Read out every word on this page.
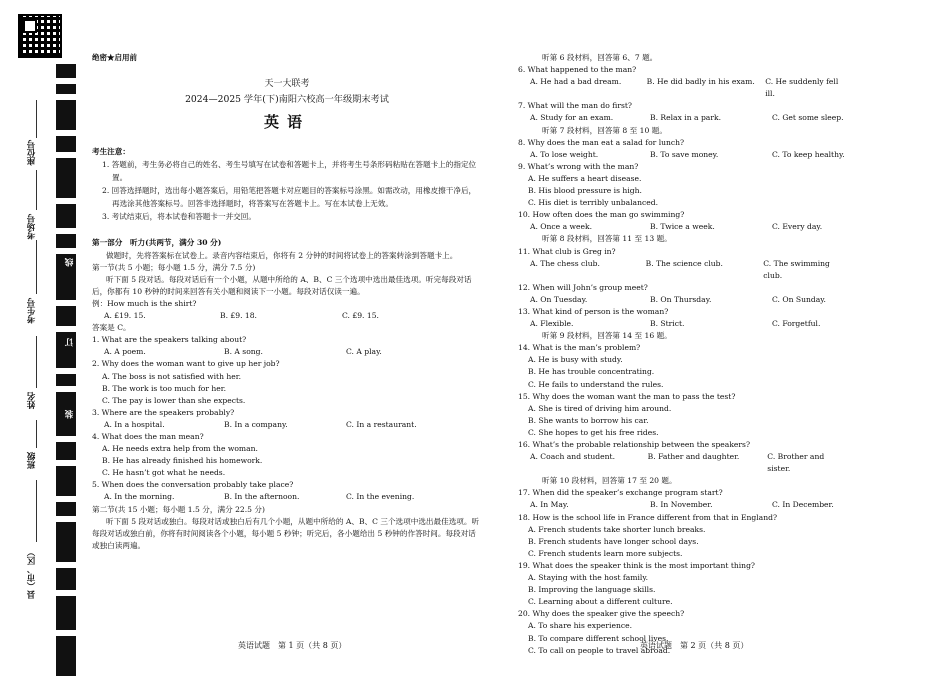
座位号
考场号
考生号
姓名
班级
县（市、区）
线
订
装
绝密★启用前
天一大联考
2024—2025 学年(下)南阳六校高一年级期末考试
英语
考生注意：
1. 答题前，考生务必将自己的姓名、考生号填写在试卷和答题卡上，并将考生号条形码粘贴在答题卡上的指定位置。
2. 回答选择题时，选出每小题答案后，用铅笔把答题卡对应题目的答案标号涂黑。如需改动，用橡皮擦干净后，再选涂其他答案标号。回答非选择题时，将答案写在答题卡上。写在本试卷上无效。
3. 考试结束后，将本试卷和答题卡一并交回。
第一部分　听力(共两节，满分 30 分)
做题时，先将答案标在试卷上。录音内容结束后，你将有 2 分钟的时间将试卷上的答案转涂到答题卡上。
第一节(共 5 小题；每小题 1.5 分，满分 7.5 分)
听下面 5 段对话。每段对话后有一个小题，从题中所给的 A、B、C 三个选项中选出最佳选项。听完每段对话后，你都有 10 秒钟的时间来回答有关小题和阅读下一小题。每段对话仅读一遍。
例：How much is the shirt?
A. £19. 15.	B. £9. 18.	C. £9. 15.
答案是 C。
1. What are the speakers talking about?
A. A poem.	B. A song.	C. A play.
2. Why does the woman want to give up her job?
A. The boss is not satisfied with her.
B. The work is too much for her.
C. The pay is lower than she expects.
3. Where are the speakers probably?
A. In a hospital.	B. In a company.	C. In a restaurant.
4. What does the man mean?
A. He needs extra help from the woman.
B. He has already finished his homework.
C. He hasn’t got what he needs.
5. When does the conversation probably take place?
A. In the morning.	B. In the afternoon.	C. In the evening.
第二节(共 15 小题；每小题 1.5 分，满分 22.5 分)
听下面 5 段对话或独白。每段对话或独白后有几个小题，从题中所给的 A、B、C 三个选项中选出最佳选项。听每段对话或独白前，你将有时间阅读各个小题，每小题 5 秒钟；听完后，各小题给出 5 秒钟的作答时间。每段对话或独白读两遍。
听第 6 段材料，回答第 6、7 题。
6. What happened to the man?
A. He had a bad dream.	B. He did badly in his exam.	C. He suddenly fell ill.
7. What will the man do first?
A. Study for an exam.	B. Relax in a park.	C. Get some sleep.
听第 7 段材料，回答第 8 至 10 题。
8. Why does the man eat a salad for lunch?
A. To lose weight.	B. To save money.	C. To keep healthy.
9. What’s wrong with the man?
A. He suffers a heart disease.
B. His blood pressure is high.
C. His diet is terribly unbalanced.
10. How often does the man go swimming?
A. Once a week.	B. Twice a week.	C. Every day.
听第 8 段材料，回答第 11 至 13 题。
11. What club is Greg in?
A. The chess club.	B. The science club.	C. The swimming club.
12. When will John’s group meet?
A. On Tuesday.	B. On Thursday.	C. On Sunday.
13. What kind of person is the woman?
A. Flexible.	B. Strict.	C. Forgetful.
听第 9 段材料，回答第 14 至 16 题。
14. What is the man’s problem?
A. He is busy with study.
B. He has trouble concentrating.
C. He fails to understand the rules.
15. Why does the woman want the man to pass the test?
A. She is tired of driving him around.
B. She wants to borrow his car.
C. She hopes to get his free rides.
16. What’s the probable relationship between the speakers?
A. Coach and student.	B. Father and daughter.	C. Brother and sister.
听第 10 段材料，回答第 17 至 20 题。
17. When did the speaker’s exchange program start?
A. In May.	B. In November.	C. In December.
18. How is the school life in France different from that in England?
A. French students take shorter lunch breaks.
B. French students have longer school days.
C. French students learn more subjects.
19. What does the speaker think is the most important thing?
A. Staying with the host family.
B. Improving the language skills.
C. Learning about a different culture.
20. Why does the speaker give the speech?
A. To share his experience.
B. To compare different school lives.
C. To call on people to travel abroad.
英语试题　第 1 页（共 8 页）	英语试题　第 2 页（共 8 页）
